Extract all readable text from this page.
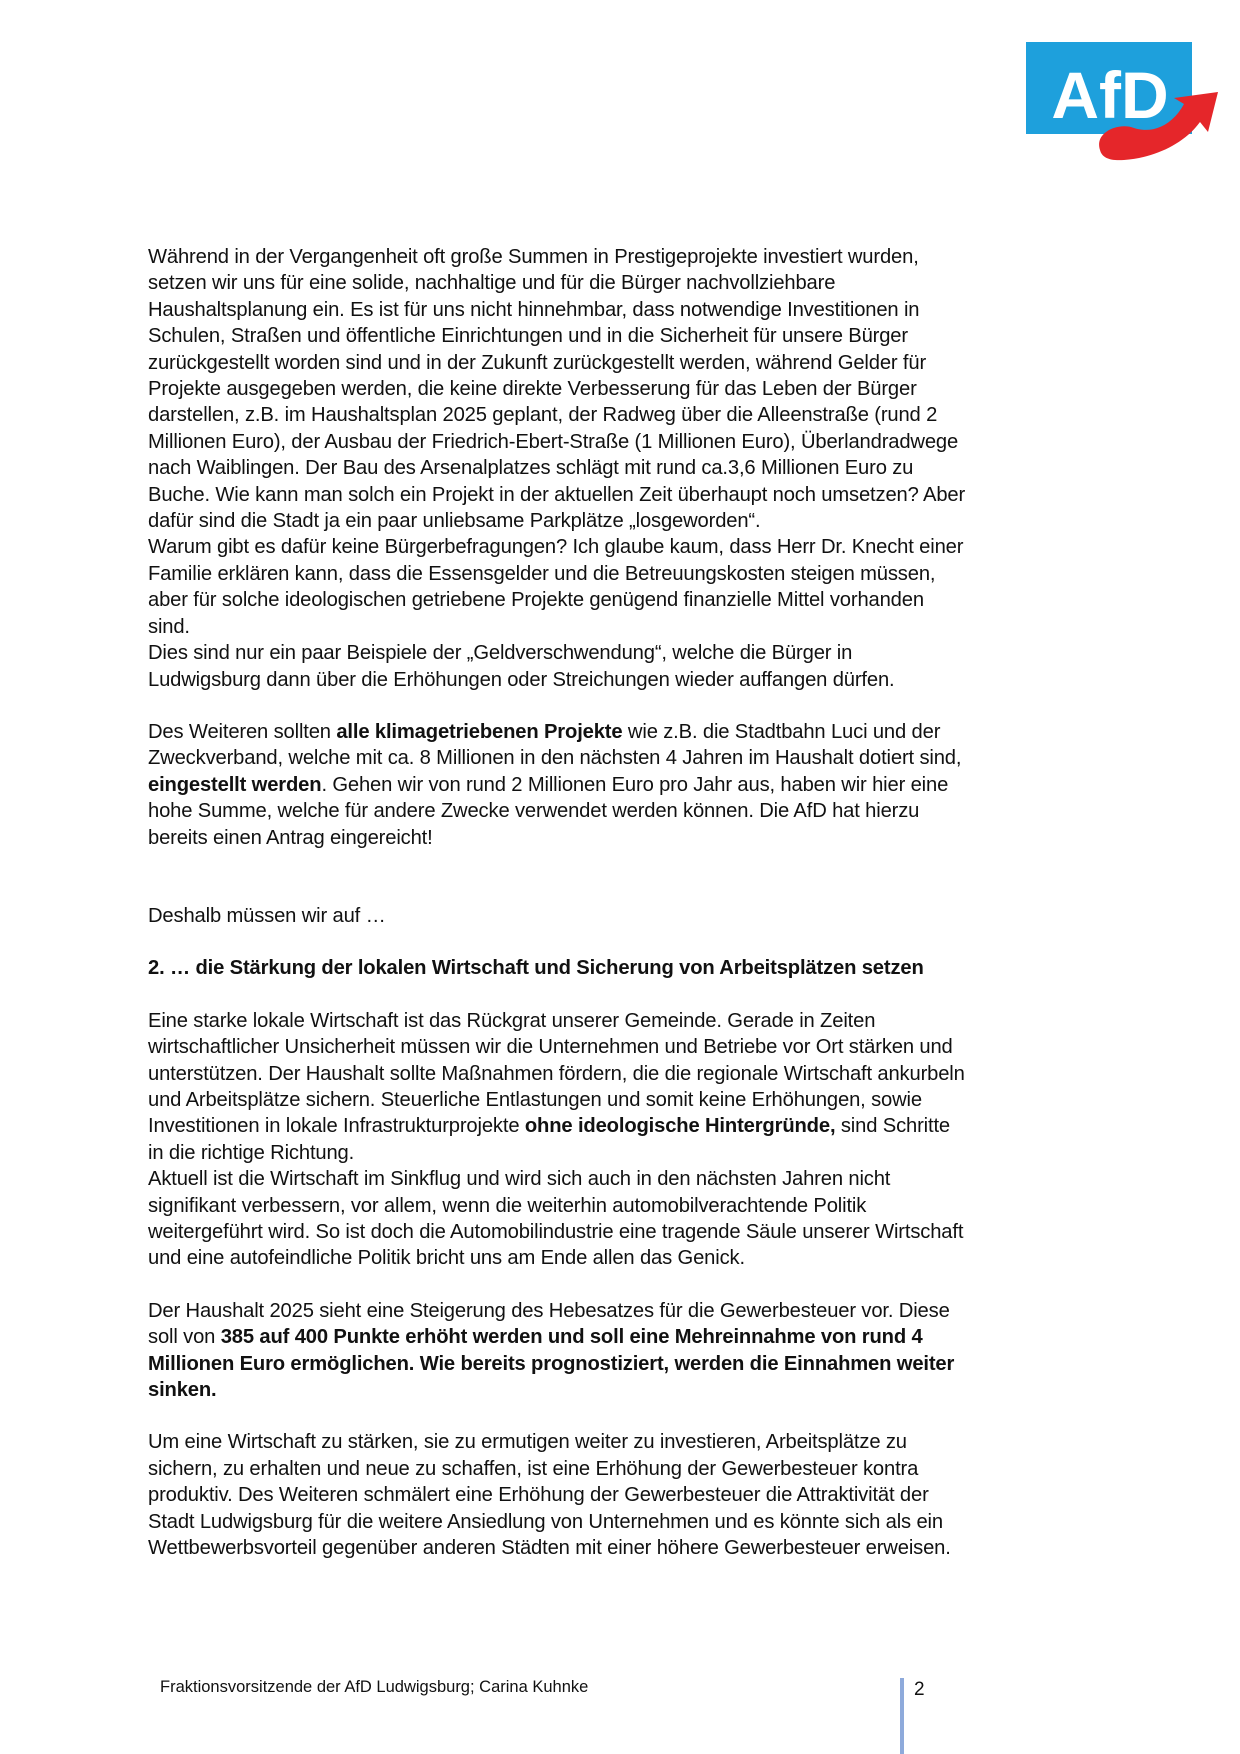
AfD

Während in der Vergangenheit oft große Summen in Prestigeprojekte investiert wurden,
setzen wir uns für eine solide, nachhaltige und für die Bürger nachvollziehbare
Haushaltsplanung ein. Es ist für uns nicht hinnehmbar, dass notwendige Investitionen in
Schulen, Straßen und öffentliche Einrichtungen und in die Sicherheit für unsere Bürger
zurückgestellt worden sind und in der Zukunft zurückgestellt werden, während Gelder für
Projekte ausgegeben werden, die keine direkte Verbesserung für das Leben der Bürger
darstellen, z.B. im Haushaltsplan 2025 geplant, der Radweg über die Alleenstraße (rund 2
Millionen Euro), der Ausbau der Friedrich-Ebert-Straße (1 Millionen Euro), Überlandradwege
nach Waiblingen. Der Bau des Arsenalplatzes schlägt mit rund ca.3,6 Millionen Euro zu
Buche. Wie kann man solch ein Projekt in der aktuellen Zeit überhaupt noch umsetzen? Aber
dafür sind die Stadt ja ein paar unliebsame Parkplätze „losgeworden“.
Warum gibt es dafür keine Bürgerbefragungen? Ich glaube kaum, dass Herr Dr. Knecht einer
Familie erklären kann, dass die Essensgelder und die Betreuungskosten steigen müssen,
aber für solche ideologischen getriebene Projekte genügend finanzielle Mittel vorhanden
sind.
Dies sind nur ein paar Beispiele der „Geldverschwendung“, welche die Bürger in
Ludwigsburg dann über die Erhöhungen oder Streichungen wieder auffangen dürfen.

Des Weiteren sollten alle klimagetriebenen Projekte wie z.B. die Stadtbahn Luci und der
Zweckverband, welche mit ca. 8 Millionen in den nächsten 4 Jahren im Haushalt dotiert sind,
eingestellt werden. Gehen wir von rund 2 Millionen Euro pro Jahr aus, haben wir hier eine
hohe Summe, welche für andere Zwecke verwendet werden können. Die AfD hat hierzu
bereits einen Antrag eingereicht!

Deshalb müssen wir auf …

2. … die Stärkung der lokalen Wirtschaft und Sicherung von Arbeitsplätzen setzen

Eine starke lokale Wirtschaft ist das Rückgrat unserer Gemeinde. Gerade in Zeiten
wirtschaftlicher Unsicherheit müssen wir die Unternehmen und Betriebe vor Ort stärken und
unterstützen. Der Haushalt sollte Maßnahmen fördern, die die regionale Wirtschaft ankurbeln
und Arbeitsplätze sichern. Steuerliche Entlastungen und somit keine Erhöhungen, sowie
Investitionen in lokale Infrastrukturprojekte ohne ideologische Hintergründe, sind Schritte
in die richtige Richtung.
Aktuell ist die Wirtschaft im Sinkflug und wird sich auch in den nächsten Jahren nicht
signifikant verbessern, vor allem, wenn die weiterhin automobilverachtende Politik
weitergeführt wird. So ist doch die Automobilindustrie eine tragende Säule unserer Wirtschaft
und eine autofeindliche Politik bricht uns am Ende allen das Genick.

Der Haushalt 2025 sieht eine Steigerung des Hebesatzes für die Gewerbesteuer vor. Diese
soll von 385 auf 400 Punkte erhöht werden und soll eine Mehreinnahme von rund 4
Millionen Euro ermöglichen. Wie bereits prognostiziert, werden die Einnahmen weiter
sinken.

Um eine Wirtschaft zu stärken, sie zu ermutigen weiter zu investieren, Arbeitsplätze zu
sichern, zu erhalten und neue zu schaffen, ist eine Erhöhung der Gewerbesteuer kontra
produktiv. Des Weiteren schmälert eine Erhöhung der Gewerbesteuer die Attraktivität der
Stadt Ludwigsburg für die weitere Ansiedlung von Unternehmen und es könnte sich als ein
Wettbewerbsvorteil gegenüber anderen Städten mit einer höhere Gewerbesteuer erweisen.

Fraktionsvorsitzende der AfD Ludwigsburg; Carina Kuhnke	2
